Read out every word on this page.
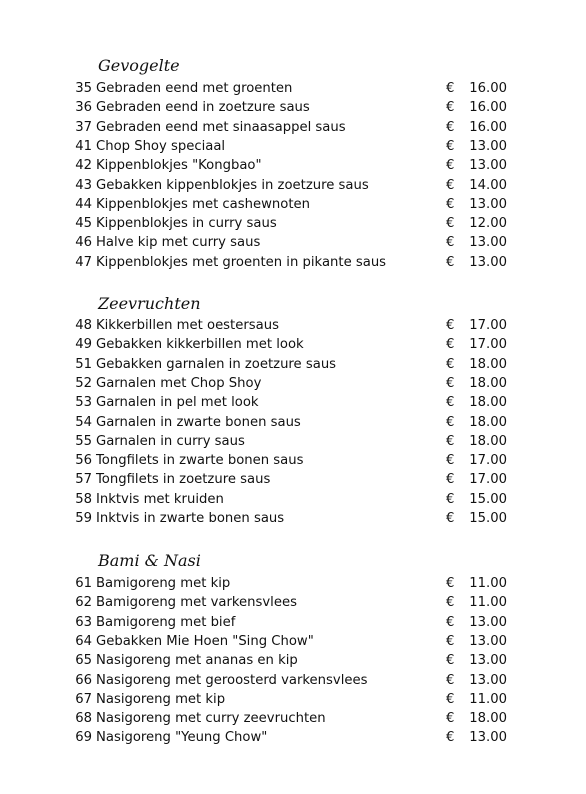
Gevogelte
35 Gebraden eend met groenten	€ 16.00
36 Gebraden eend in zoetzure saus	€ 16.00
37 Gebraden eend met sinaasappel saus	€ 16.00
41 Chop Shoy speciaal	€ 13.00
42 Kippenblokjes "Kongbao"	€ 13.00
43 Gebakken kippenblokjes in zoetzure saus	€ 14.00
44 Kippenblokjes met cashewnoten	€ 13.00
45 Kippenblokjes in curry saus	€ 12.00
46 Halve kip met curry saus	€ 13.00
47 Kippenblokjes met groenten in pikante saus	€ 13.00
Zeevruchten
48 Kikkerbillen met oestersaus	€ 17.00
49 Gebakken kikkerbillen met look	€ 17.00
51 Gebakken garnalen in zoetzure saus	€ 18.00
52 Garnalen met Chop Shoy	€ 18.00
53 Garnalen in pel met look	€ 18.00
54 Garnalen in zwarte bonen saus	€ 18.00
55 Garnalen in curry saus	€ 18.00
56 Tongfilets in zwarte bonen saus	€ 17.00
57 Tongfilets in zoetzure saus	€ 17.00
58 Inktvis met kruiden	€ 15.00
59 Inktvis in zwarte bonen saus	€ 15.00
Bami & Nasi
61 Bamigoreng met kip	€ 11.00
62 Bamigoreng met varkensvlees	€ 11.00
63 Bamigoreng met bief	€ 13.00
64 Gebakken Mie Hoen "Sing Chow"	€ 13.00
65 Nasigoreng met ananas en kip	€ 13.00
66 Nasigoreng met geroosterd varkensvlees	€ 13.00
67 Nasigoreng met kip	€ 11.00
68 Nasigoreng met curry zeevruchten	€ 18.00
69 Nasigoreng "Yeung Chow"	€ 13.00
